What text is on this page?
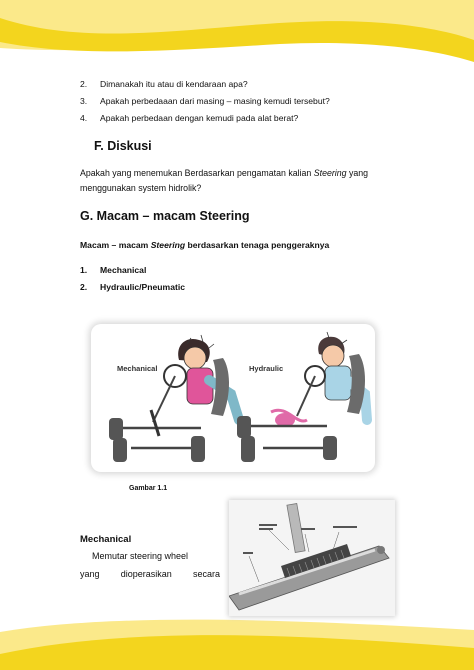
2. Dimanakah itu atau di kendaraan apa?
3. Apakah perbedaaan dari masing – masing kemudi tersebut?
4. Apakah perbedaan dengan kemudi pada alat berat?
F. Diskusi
Apakah yang menemukan Berdasarkan pengamatan kalian Steering yang
menggunakan system hidrolik?
G. Macam – macam Steering
Macam – macam Steering berdasarkan tenaga penggeraknya
1. Mechanical
2. Hydraulic/Pneumatic
Mechanical	Hydraulic
Gambar 1.1
Mechanical
Memutar steering wheel
yang dioperasikan secara
